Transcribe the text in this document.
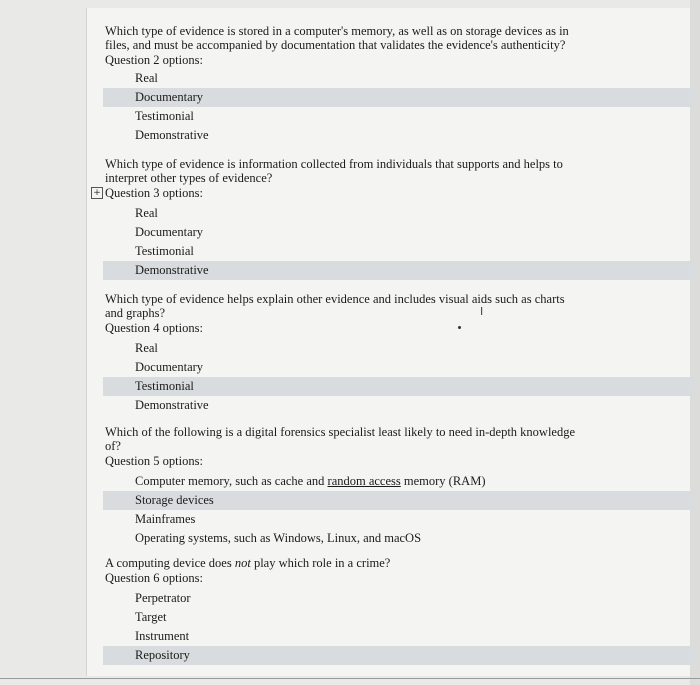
Which type of evidence is stored in a computer's memory, as well as on storage devices as in files, and must be accompanied by documentation that validates the evidence's authenticity?

Question 2 options:

Real
Documentary
Testimonial
Demonstrative

Which type of evidence is information collected from individuals that supports and helps to interpret other types of evidence?

+ Question 3 options:

Real
Documentary
Testimonial
Demonstrative

Which type of evidence helps explain other evidence and includes visual aids such as charts and graphs?

Question 4 options:

Real
Documentary
Testimonial
Demonstrative
I

Which of the following is a digital forensics specialist least likely to need in-depth knowledge of?

Question 5 options:

Computer memory, such as cache and random access memory (RAM)
Storage devices
Mainframes
Operating systems, such as Windows, Linux, and macOS

A computing device does not play which role in a crime?

Question 6 options:

Perpetrator
Target
Instrument
Repository
